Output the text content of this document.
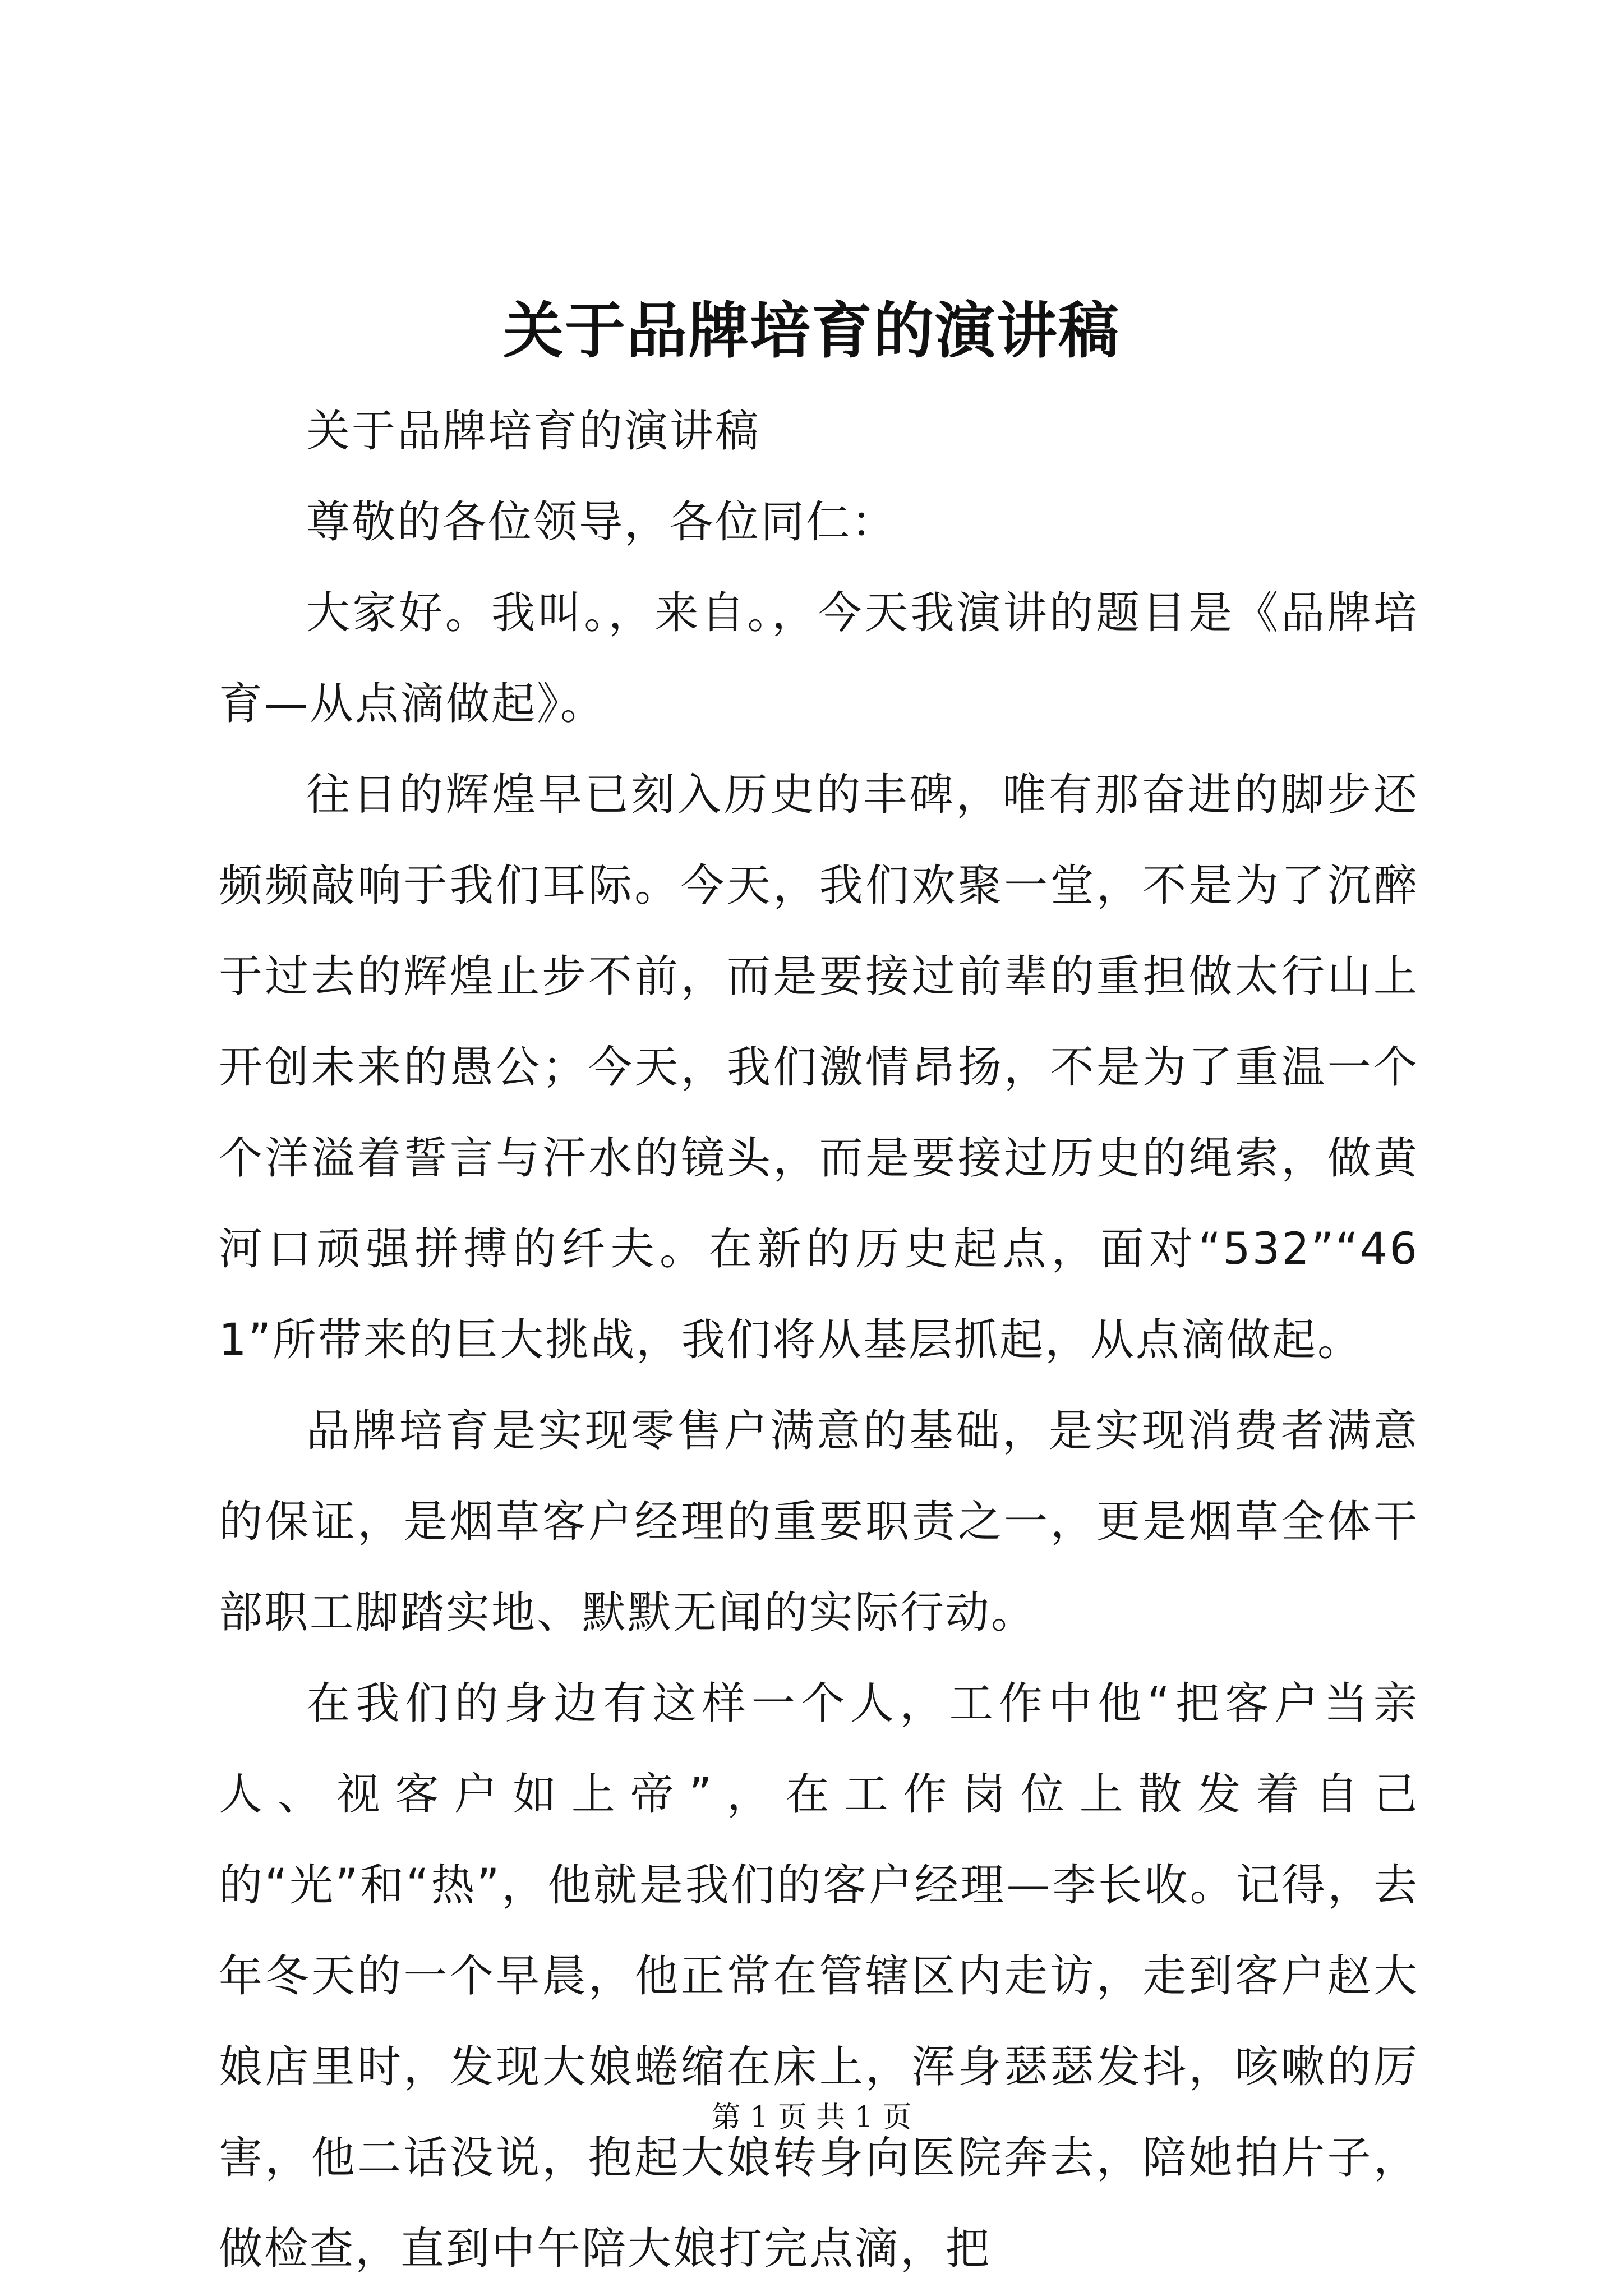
关于品牌培育的演讲稿

关于品牌培育的演讲稿

尊敬的各位领导，各位同仁：

大家好。我叫。，来自。，今天我演讲的题目是《品牌培育—从点滴做起》。

往日的辉煌早已刻入历史的丰碑，唯有那奋进的脚步还频频敲响于我们耳际。今天，我们欢聚一堂，不是为了沉醉于过去的辉煌止步不前，而是要接过前辈的重担做太行山上开创未来的愚公；今天，我们激情昂扬，不是为了重温一个个洋溢着誓言与汗水的镜头，而是要接过历史的绳索，做黄河口顽强拼搏的纤夫。在新的历史起点，面对“532”“461”所带来的巨大挑战，我们将从基层抓起，从点滴做起。

品牌培育是实现零售户满意的基础，是实现消费者满意的保证，是烟草客户经理的重要职责之一，更是烟草全体干部职工脚踏实地、默默无闻的实际行动。

在我们的身边有这样一个人，工作中他“把客户当亲人、视客户如上帝”，在工作岗位上散发着自己的“光”和“热”，他就是我们的客户经理—李长收。记得，去年冬天的一个早晨，他正常在管辖区内走访，走到客户赵大娘店里时，发现大娘蜷缩在床上，浑身瑟瑟发抖，咳嗽的厉害，他二话没说，抱起大娘转身向医院奔去，陪她拍片子，做检查，直到中午陪大娘打完点滴，把

第 1 页 共 1 页
